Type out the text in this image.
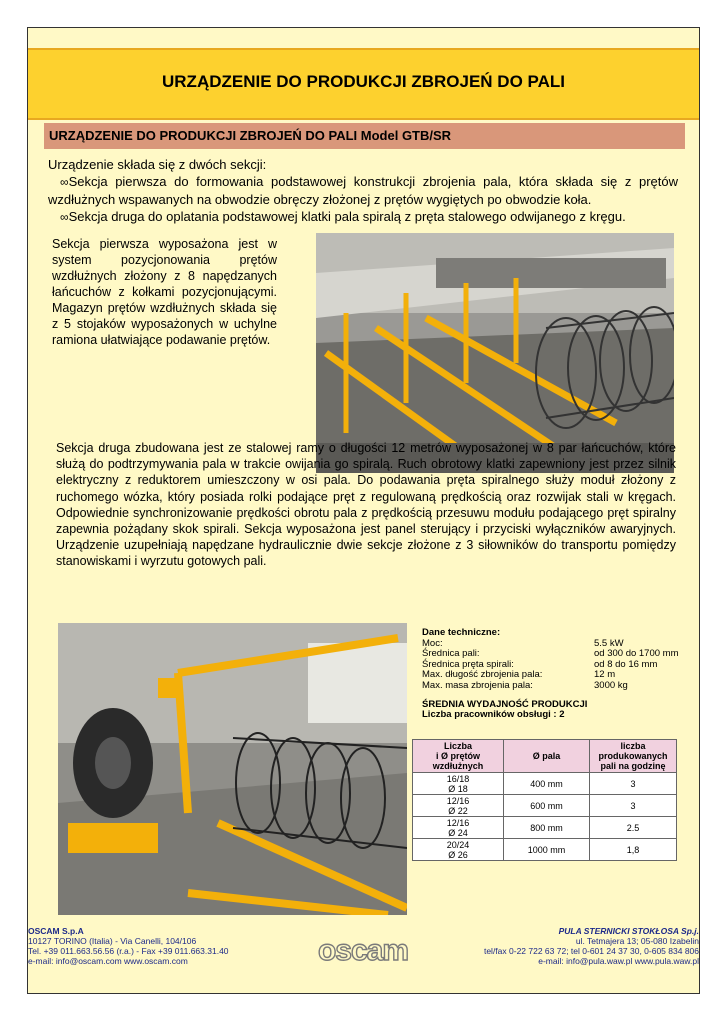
URZĄDZENIE DO PRODUKCJI ZBROJEŃ DO PALI
URZĄDZENIE DO PRODUKCJI ZBROJEŃ DO PALI Model GTB/SR

Urządzenie składa się z dwóch sekcji:

∞Sekcja pierwsza do formowania podstawowej konstrukcji zbrojenia pala, która składa się z prętów wzdłużnych wspawanych na obwodzie obręczy złożonej z prętów wygiętych po obwodzie koła.

∞Sekcja druga do oplatania podstawowej klatki pala spiralą z pręta stalowego odwijanego z kręgu.

Sekcja pierwsza wyposażona jest w system pozycjonowania prętów wzdłużnych złożony z 8 napędzanych łańcuchów z kołkami pozycjonującymi. Magazyn prętów wzdłużnych składa się z 5 stojaków wyposażonych w uchylne ramiona ułatwiające podawanie prętów.

Sekcja druga zbudowana jest ze stalowej ramy o długości 12 metrów wyposażonej w 8 par łańcuchów, które służą do podtrzymywania pala w trakcie owijania go spiralą. Ruch obrotowy klatki zapewniony jest przez silnik elektryczny z reduktorem umieszczony w osi pala. Do podawania pręta spiralnego służy moduł złożony z ruchomego wózka, który posiada rolki podające pręt z regulowaną prędkością oraz rozwijak stali w kręgach. Odpowiednie synchronizowanie prędkości obrotu pala z prędkością przesuwu modułu podającego pręt spiralny zapewnia pożądany skok spirali. Sekcja wyposażona jest panel sterujący i przyciski wyłączników awaryjnych. Urządzenie uzupełniają napędzane hydraulicznie dwie sekcje złożone z 3 siłowników do transportu pomiędzy stanowiskami i wyrzutu gotowych pali.

Dane techniczne:
Moc:	5.5 kW
Średnica pali:	od 300 do 1700 mm
Średnica pręta spirali:	od 8 do 16 mm
Max. długość zbrojenia pala:	12 m
Max. masa zbrojenia pala:	3000 kg
ŚREDNIA WYDAJNOŚĆ PRODUKCJI
Liczba pracowników obsługi : 2
Liczba
i Ø prętów
wzdłużnych	Ø pala	liczba
produkowanych
pali na godzinę
16/18
Ø 18	400 mm	3
12/16
Ø 22	600 mm	3
12/16
Ø 24	800 mm	2.5
20/24
Ø 26	1000 mm	1,8
OSCAM S.p.A
10127 TORINO (Italia) - Via Canelli, 104/106
Tel. +39 011.663.56.56 (r.a.) - Fax +39 011.663.31.40
e-mail: info@oscam.com www.oscam.com	oscam
PULA STERNICKI STOKŁOSA Sp.j.
ul. Tetmajera 13; 05-080 Izabelin
tel/fax 0-22 722 63 72; tel 0-601 24 37 30, 0-605 834 806
e-mail: info@pula.waw.pl www.pula.waw.pl
